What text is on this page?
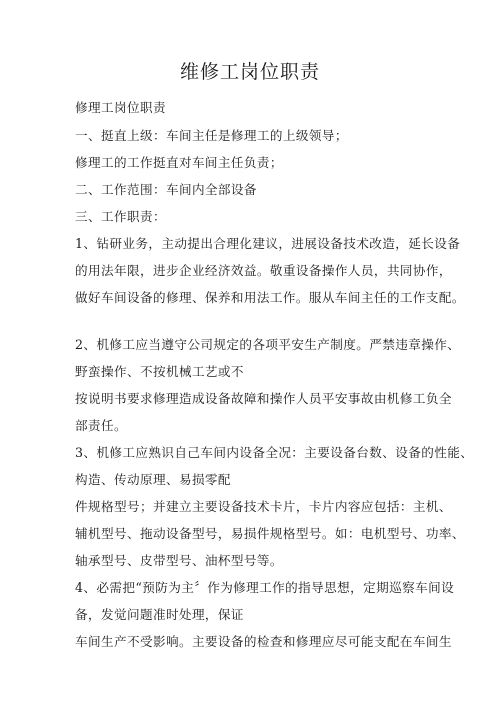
维修工岗位职责

修理工岗位职责

一、挺直上级：车间主任是修理工的上级领导；

修理工的工作挺直对车间主任负责；

二、工作范围：车间内全部设备

三、工作职责：

1、钻研业务，主动提出合理化建议，进展设备技术改造，延长设备

的用法年限，进步企业经济效益。敬重设备操作人员，共同协作，

做好车间设备的修理、保养和用法工作。服从车间主任的工作支配。

2、机修工应当遵守公司规定的各项平安生产制度。严禁违章操作、

野蛮操作、不按机械工艺或不

按说明书要求修理造成设备故障和操作人员平安事故由机修工负全

部责任。

3、机修工应熟识自己车间内设备全况：主要设备台数、设备的性能、

构造、传动原理、易损零配

件规格型号；并建立主要设备技术卡片，卡片内容应包括：主机、

辅机型号、拖动设备型号，易损件规格型号。如：电机型号、功率、

轴承型号、皮带型号、油杯型号等。

4、必需把“预防为主〞作为修理工作的指导思想，定期巡察车间设

备，发觉问题准时处理，保证

车间生产不受影响。主要设备的检查和修理应尽可能支配在车间生
